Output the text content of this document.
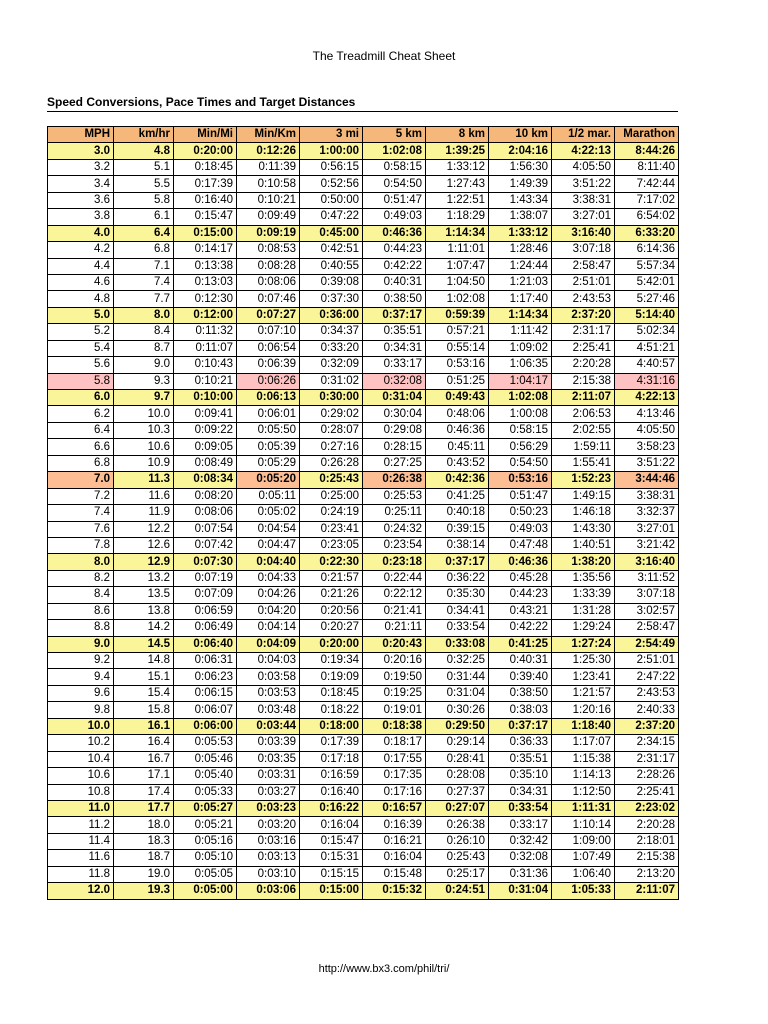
The Treadmill Cheat Sheet
Speed Conversions, Pace Times and Target Distances
MPH	km/hr	Min/Mi	Min/Km	3 mi	5 km	8 km	10 km	1/2 mar.	Marathon
3.0	4.8	0:20:00	0:12:26	1:00:00	1:02:08	1:39:25	2:04:16	4:22:13	8:44:26
3.2	5.1	0:18:45	0:11:39	0:56:15	0:58:15	1:33:12	1:56:30	4:05:50	8:11:40
3.4	5.5	0:17:39	0:10:58	0:52:56	0:54:50	1:27:43	1:49:39	3:51:22	7:42:44
3.6	5.8	0:16:40	0:10:21	0:50:00	0:51:47	1:22:51	1:43:34	3:38:31	7:17:02
3.8	6.1	0:15:47	0:09:49	0:47:22	0:49:03	1:18:29	1:38:07	3:27:01	6:54:02
4.0	6.4	0:15:00	0:09:19	0:45:00	0:46:36	1:14:34	1:33:12	3:16:40	6:33:20
4.2	6.8	0:14:17	0:08:53	0:42:51	0:44:23	1:11:01	1:28:46	3:07:18	6:14:36
4.4	7.1	0:13:38	0:08:28	0:40:55	0:42:22	1:07:47	1:24:44	2:58:47	5:57:34
4.6	7.4	0:13:03	0:08:06	0:39:08	0:40:31	1:04:50	1:21:03	2:51:01	5:42:01
4.8	7.7	0:12:30	0:07:46	0:37:30	0:38:50	1:02:08	1:17:40	2:43:53	5:27:46
5.0	8.0	0:12:00	0:07:27	0:36:00	0:37:17	0:59:39	1:14:34	2:37:20	5:14:40
5.2	8.4	0:11:32	0:07:10	0:34:37	0:35:51	0:57:21	1:11:42	2:31:17	5:02:34
5.4	8.7	0:11:07	0:06:54	0:33:20	0:34:31	0:55:14	1:09:02	2:25:41	4:51:21
5.6	9.0	0:10:43	0:06:39	0:32:09	0:33:17	0:53:16	1:06:35	2:20:28	4:40:57

5.8	9.3	0:10:21	0:06:26	0:31:02	0:32:08	0:51:25	1:04:17	2:15:38	4:31:16
6.0	9.7	0:10:00	0:06:13	0:30:00	0:31:04	0:49:43	1:02:08	2:11:07	4:22:13
6.2	10.0	0:09:41	0:06:01	0:29:02	0:30:04	0:48:06	1:00:08	2:06:53	4:13:46
6.4	10.3	0:09:22	0:05:50	0:28:07	0:29:08	0:46:36	0:58:15	2:02:55	4:05:50
6.6	10.6	0:09:05	0:05:39	0:27:16	0:28:15	0:45:11	0:56:29	1:59:11	3:58:23
6.8	10.9	0:08:49	0:05:29	0:26:28	0:27:25	0:43:52	0:54:50	1:55:41	3:51:22

7.0	11.3	0:08:34	0:05:20	0:25:43	0:26:38	0:42:36	0:53:16	1:52:23	3:44:46
7.2	11.6	0:08:20	0:05:11	0:25:00	0:25:53	0:41:25	0:51:47	1:49:15	3:38:31
7.4	11.9	0:08:06	0:05:02	0:24:19	0:25:11	0:40:18	0:50:23	1:46:18	3:32:37
7.6	12.2	0:07:54	0:04:54	0:23:41	0:24:32	0:39:15	0:49:03	1:43:30	3:27:01
7.8	12.6	0:07:42	0:04:47	0:23:05	0:23:54	0:38:14	0:47:48	1:40:51	3:21:42
8.0	12.9	0:07:30	0:04:40	0:22:30	0:23:18	0:37:17	0:46:36	1:38:20	3:16:40
8.2	13.2	0:07:19	0:04:33	0:21:57	0:22:44	0:36:22	0:45:28	1:35:56	3:11:52
8.4	13.5	0:07:09	0:04:26	0:21:26	0:22:12	0:35:30	0:44:23	1:33:39	3:07:18
8.6	13.8	0:06:59	0:04:20	0:20:56	0:21:41	0:34:41	0:43:21	1:31:28	3:02:57
8.8	14.2	0:06:49	0:04:14	0:20:27	0:21:11	0:33:54	0:42:22	1:29:24	2:58:47
9.0	14.5	0:06:40	0:04:09	0:20:00	0:20:43	0:33:08	0:41:25	1:27:24	2:54:49
9.2	14.8	0:06:31	0:04:03	0:19:34	0:20:16	0:32:25	0:40:31	1:25:30	2:51:01
9.4	15.1	0:06:23	0:03:58	0:19:09	0:19:50	0:31:44	0:39:40	1:23:41	2:47:22
9.6	15.4	0:06:15	0:03:53	0:18:45	0:19:25	0:31:04	0:38:50	1:21:57	2:43:53
9.8	15.8	0:06:07	0:03:48	0:18:22	0:19:01	0:30:26	0:38:03	1:20:16	2:40:33
10.0	16.1	0:06:00	0:03:44	0:18:00	0:18:38	0:29:50	0:37:17	1:18:40	2:37:20
10.2	16.4	0:05:53	0:03:39	0:17:39	0:18:17	0:29:14	0:36:33	1:17:07	2:34:15
10.4	16.7	0:05:46	0:03:35	0:17:18	0:17:55	0:28:41	0:35:51	1:15:38	2:31:17
10.6	17.1	0:05:40	0:03:31	0:16:59	0:17:35	0:28:08	0:35:10	1:14:13	2:28:26
10.8	17.4	0:05:33	0:03:27	0:16:40	0:17:16	0:27:37	0:34:31	1:12:50	2:25:41
11.0	17.7	0:05:27	0:03:23	0:16:22	0:16:57	0:27:07	0:33:54	1:11:31	2:23:02
11.2	18.0	0:05:21	0:03:20	0:16:04	0:16:39	0:26:38	0:33:17	1:10:14	2:20:28
11.4	18.3	0:05:16	0:03:16	0:15:47	0:16:21	0:26:10	0:32:42	1:09:00	2:18:01
11.6	18.7	0:05:10	0:03:13	0:15:31	0:16:04	0:25:43	0:32:08	1:07:49	2:15:38
11.8	19.0	0:05:05	0:03:10	0:15:15	0:15:48	0:25:17	0:31:36	1:06:40	2:13:20
12.0	19.3	0:05:00	0:03:06	0:15:00	0:15:32	0:24:51	0:31:04	1:05:33	2:11:07
http://www.bx3.com/phil/tri/
